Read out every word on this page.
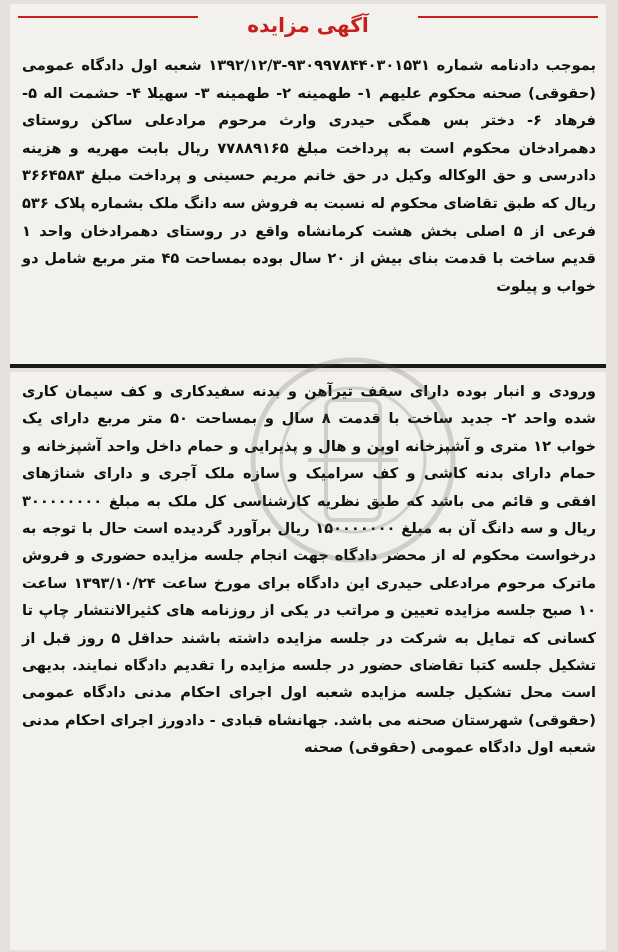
آگهی مزایده
بموجب دادنامه شماره ۹۳۰۹۹۷۸۴۴۰۳۰۱۵۳۱-۱۳۹۲/۱۲/۳ شعبه اول دادگاه عمومی (حقوقی) صحنه محکوم علیهم ۱- طهمینه ۲- طهمینه ۳- سهیلا ۴- حشمت اله ۵- فرهاد ۶- دختر بس همگی حیدری وارث مرحوم مرادعلی ساکن روستای دهمرادخان محکوم است به پرداخت مبلغ ۷۷۸۸۹۱۶۵ ریال بابت مهریه و هزینه دادرسی و حق الوکاله وکیل در حق خانم مریم حسینی و پرداخت مبلغ ۳۶۶۴۵۸۳ ریال که طبق تقاضای محکوم له نسبت به فروش سه دانگ ملک بشماره پلاک ۵۳۶ فرعی از ۵ اصلی بخش هشت کرمانشاه واقع در روستای دهمرادخان واحد ۱ قدیم ساخت با قدمت بنای بیش از ۲۰ سال بوده بمساحت ۴۵ متر مربع شامل دو خواب و پیلوت
ورودی و انبار بوده دارای سقف تیرآهن و بدنه سفیدکاری و کف سیمان کاری شده واحد ۲- جدید ساخت با قدمت ۸ سال و بمساحت ۵۰ متر مربع دارای یک خواب ۱۲ متری و آشپزخانه اوپن و هال و پذیرایی و حمام داخل واحد آشپزخانه و حمام دارای بدنه کاشی و کف سرامیک و سازه ملک آجری و دارای شناژهای افقی و قائم می باشد که طبق نظریه کارشناسی کل ملک به مبلغ ۳۰۰۰۰۰۰۰۰ ریال و سه دانگ آن به مبلغ ۱۵۰۰۰۰۰۰۰ ریال برآورد گردیده است حال با توجه به درخواست محکوم له از محضر دادگاه جهت انجام جلسه مزایده حضوری و فروش ماترک مرحوم مرادعلی حیدری این دادگاه برای مورخ ساعت ۱۳۹۳/۱۰/۲۴ ساعت ۱۰ صبح جلسه مزایده تعیین و مراتب در یکی از روزنامه های کثیرالانتشار چاپ تا کسانی که تمایل به شرکت در جلسه مزایده داشته باشند حداقل ۵ روز قبل از تشکیل جلسه کتبا تقاضای حضور در جلسه مزایده را تقدیم دادگاه نمایند. بدیهی است محل تشکیل جلسه مزایده شعبه اول اجرای احکام مدنی دادگاه عمومی (حقوقی) شهرستان صحنه می باشد. جهانشاه قبادی - دادورز اجرای احکام مدنی شعبه اول دادگاه عمومی (حقوقی) صحنه
